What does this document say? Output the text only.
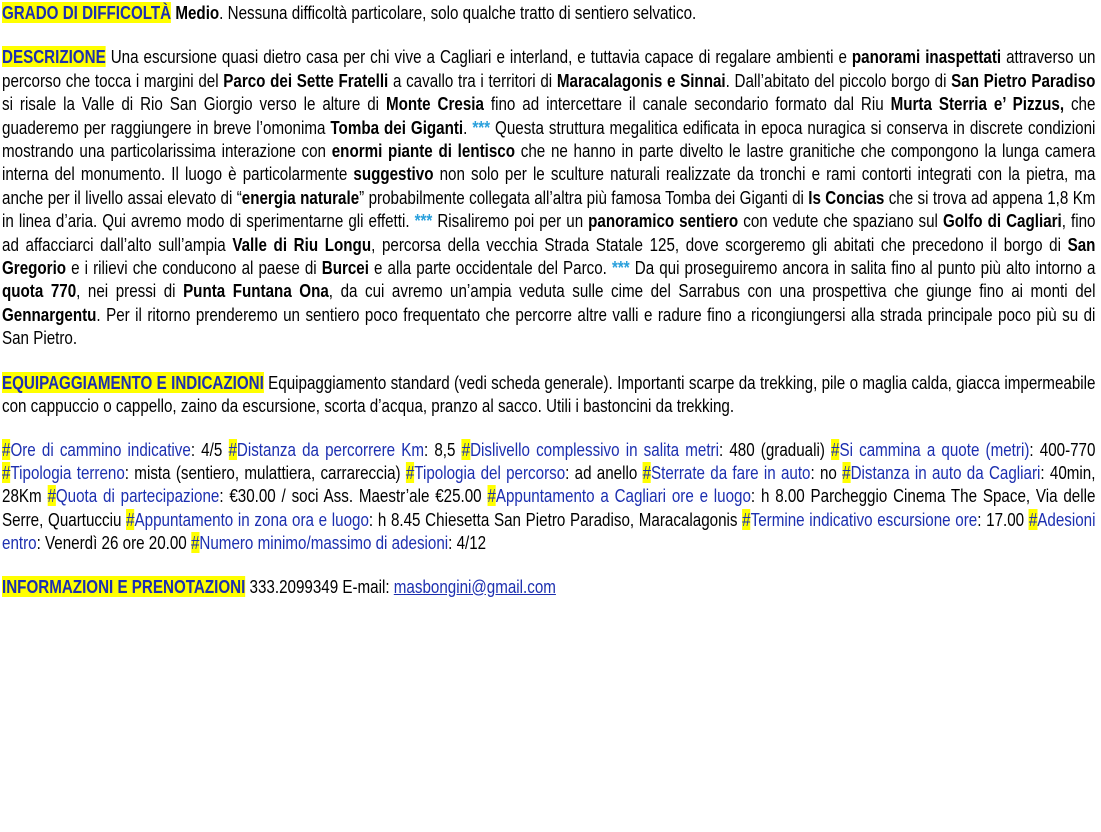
GRADO DI DIFFICOLTÀ Medio. Nessuna difficoltà particolare, solo qualche tratto di sentiero selvatico.

DESCRIZIONE Una escursione quasi dietro casa per chi vive a Cagliari e interland, e tuttavia capace di regalare ambienti e panorami inaspettati attraverso un percorso che tocca i margini del Parco dei Sette Fratelli a cavallo tra i territori di Maracalagonis e Sinnai. Dall’abitato del piccolo borgo di San Pietro Paradiso si risale la Valle di Rio San Giorgio verso le alture di Monte Cresia fino ad intercettare il canale secondario formato dal Riu Murta Sterria e’ Pizzus, che guaderemo per raggiungere in breve l’omonima Tomba dei Giganti. *** Questa struttura megalitica edificata in epoca nuragica si conserva in discrete condizioni mostrando una particolarissima interazione con enormi piante di lentisco che ne hanno in parte divelto le lastre granitiche che compongono la lunga camera interna del monumento. Il luogo è particolarmente suggestivo non solo per le sculture naturali realizzate da tronchi e rami contorti integrati con la pietra, ma anche per il livello assai elevato di “energia naturale” probabilmente collegata all’altra più famosa Tomba dei Giganti di Is Concias che si trova ad appena 1,8 Km in linea d’aria. Qui avremo modo di sperimentarne gli effetti. *** Risaliremo poi per un panoramico sentiero con vedute che spaziano sul Golfo di Cagliari, fino ad affacciarci dall’alto sull’ampia Valle di Riu Longu, percorsa della vecchia Strada Statale 125, dove scorgeremo gli abitati che precedono il borgo di San Gregorio e i rilievi che conducono al paese di Burcei e alla parte occidentale del Parco. *** Da qui proseguiremo ancora in salita fino al punto più alto intorno a quota 770, nei pressi di Punta Funtana Ona, da cui avremo un’ampia veduta sulle cime del Sarrabus con una prospettiva che giunge fino ai monti del Gennargentu. Per il ritorno prenderemo un sentiero poco frequentato che percorre altre valli e radure fino a ricongiungersi alla strada principale poco più su di San Pietro.

EQUIPAGGIAMENTO E INDICAZIONI Equipaggiamento standard (vedi scheda generale). Importanti scarpe da trekking, pile o maglia calda, giacca impermeabile con cappuccio o cappello, zaino da escursione, scorta d’acqua, pranzo al sacco. Utili i bastoncini da trekking.

#Ore di cammino indicative: 4/5 #Distanza da percorrere Km: 8,5 #Dislivello complessivo in salita metri: 480 (graduali) #Si cammina a quote (metri): 400-770 #Tipologia terreno: mista (sentiero, mulattiera, carrareccia) #Tipologia del percorso: ad anello #Sterrate da fare in auto: no #Distanza in auto da Cagliari: 40min, 28Km #Quota di partecipazione: €30.00 / soci Ass. Maestr’ale €25.00 #Appuntamento a Cagliari ore e luogo: h 8.00 Parcheggio Cinema The Space, Via delle Serre, Quartucciu #Appuntamento in zona ora e luogo: h 8.45 Chiesetta San Pietro Paradiso, Maracalagonis #Termine indicativo escursione ore: 17.00 #Adesioni entro: Venerdì 26 ore 20.00 #Numero minimo/massimo di adesioni: 4/12

INFORMAZIONI E PRENOTAZIONI 333.2099349 E-mail: masbongini@gmail.com
